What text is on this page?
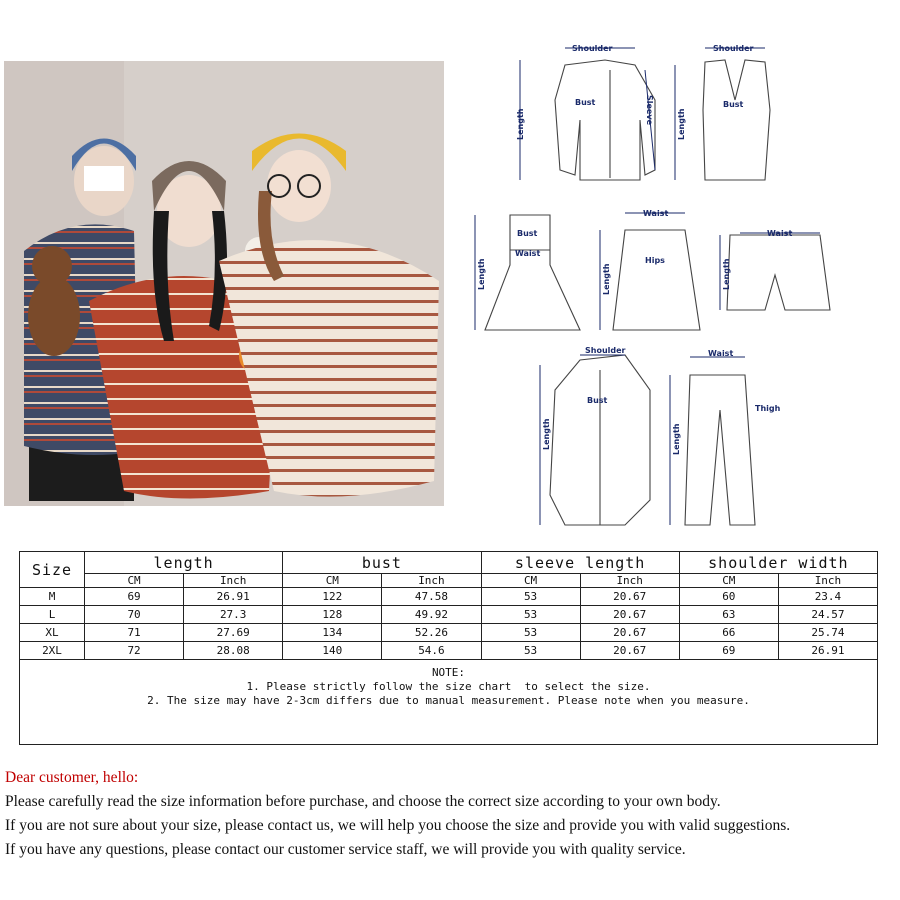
Shoulder
Bust
Length	Sleeve
Shoulder
Bust
Length
Bust
Waist
Length
Waist
Hips
Length
Waist
Length
Shoulder
Bust
Length
Waist
Thigh
Length
Size	length		bust		sleeve length		shoulder width	
	CM	Inch	CM	Inch	CM	Inch	CM	Inch
M	69	26.91	122	47.58	53	20.67	60	23.4
L	70	27.3	128	49.92	53	20.67	63	24.57
XL	71	27.69	134	52.26	53	20.67	66	25.74
2XL	72	28.08	140	54.6	53	20.67	69	26.91

NOTE:
1. Please strictly follow the size chart  to select the size.
2. The size may have 2-3cm differs due to manual measurement. Please note when you measure.								
Dear customer, hello:
Please carefully read the size information before purchase, and choose the correct size according to your own body.
If you are not sure about your size, please contact us, we will help you choose the size and provide you with valid suggestions.
If you have any questions, please contact our customer service staff, we will provide you with quality service.
